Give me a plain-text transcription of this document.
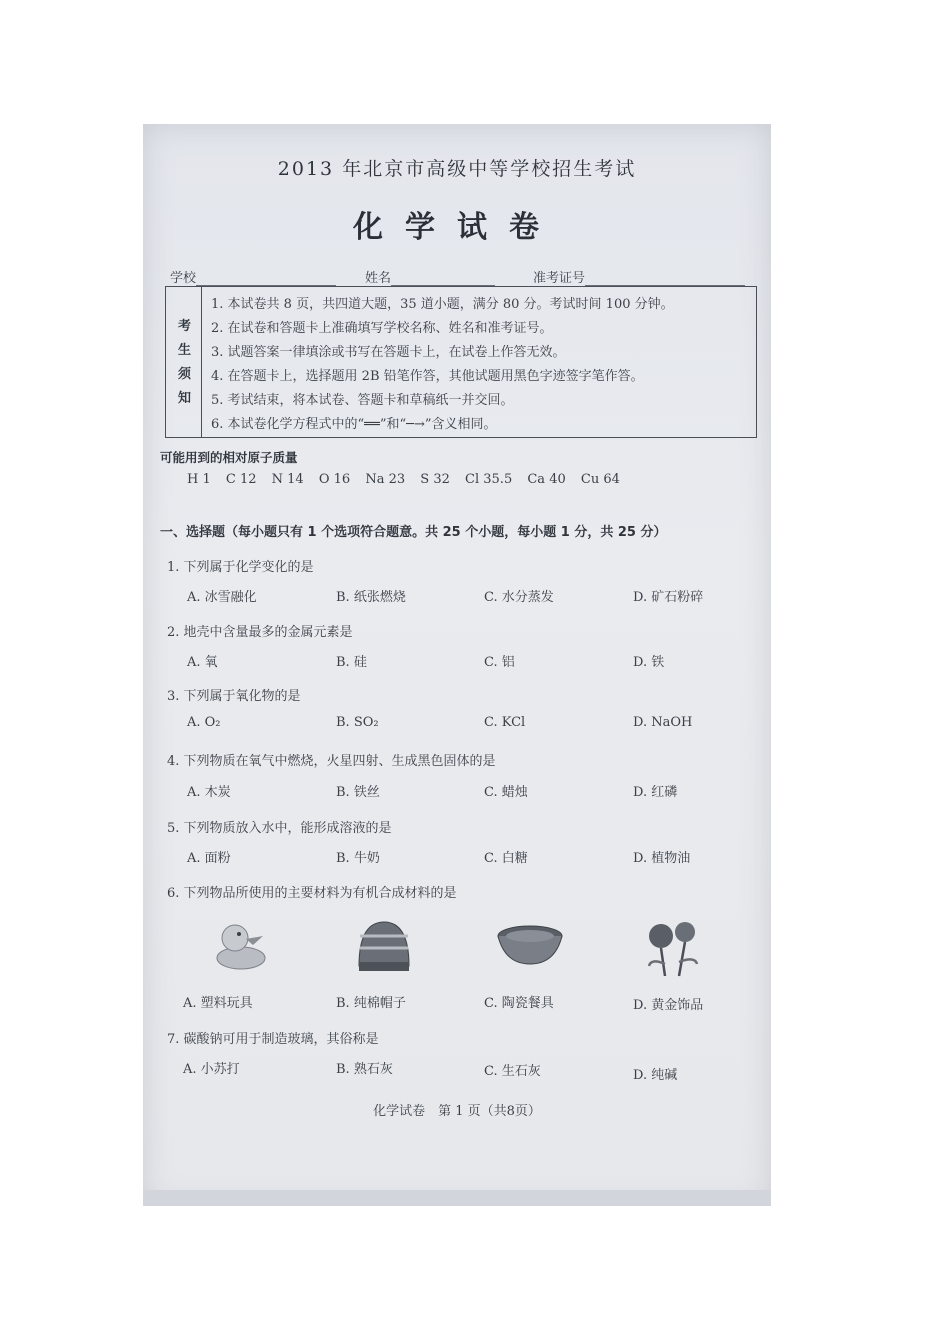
2013 年北京市高级中等学校招生考试
化学试卷
学校	姓名	准考证号
考
生
须
知
1. 本试卷共 8 页，共四道大题，35 道小题，满分 80 分。考试时间 100 分钟。
2. 在试卷和答题卡上准确填写学校名称、姓名和准考证号。
3. 试题答案一律填涂或书写在答题卡上，在试卷上作答无效。
4. 在答题卡上，选择题用 2B 铅笔作答，其他试题用黑色字迹签字笔作答。
5. 考试结束，将本试卷、答题卡和草稿纸一并交回。
6. 本试卷化学方程式中的“══”和“─→”含义相同。
可能用到的相对原子质量
H 1 C 12 N 14 O 16 Na 23 S 32 Cl 35.5 Ca 40 Cu 64
一、选择题（每小题只有 1 个选项符合题意。共 25 个小题，每小题 1 分，共 25 分）
1. 下列属于化学变化的是
A. 冰雪融化	B. 纸张燃烧	C. 水分蒸发	D. 矿石粉碎
2. 地壳中含量最多的金属元素是
A. 氧	B. 硅	C. 铝	D. 铁
3. 下列属于氧化物的是
A. O₂	B. SO₂	C. KCl	D. NaOH
4. 下列物质在氧气中燃烧，火星四射、生成黑色固体的是
A. 木炭	B. 铁丝	C. 蜡烛	D. 红磷
5. 下列物质放入水中，能形成溶液的是
A. 面粉	B. 牛奶	C. 白糖	D. 植物油
6. 下列物品所使用的主要材料为有机合成材料的是
A. 塑料玩具	B. 纯棉帽子	C. 陶瓷餐具	D. 黄金饰品
7. 碳酸钠可用于制造玻璃，其俗称是
A. 小苏打	B. 熟石灰	C. 生石灰	D. 纯碱
化学试卷　第 1 页（共8页）
